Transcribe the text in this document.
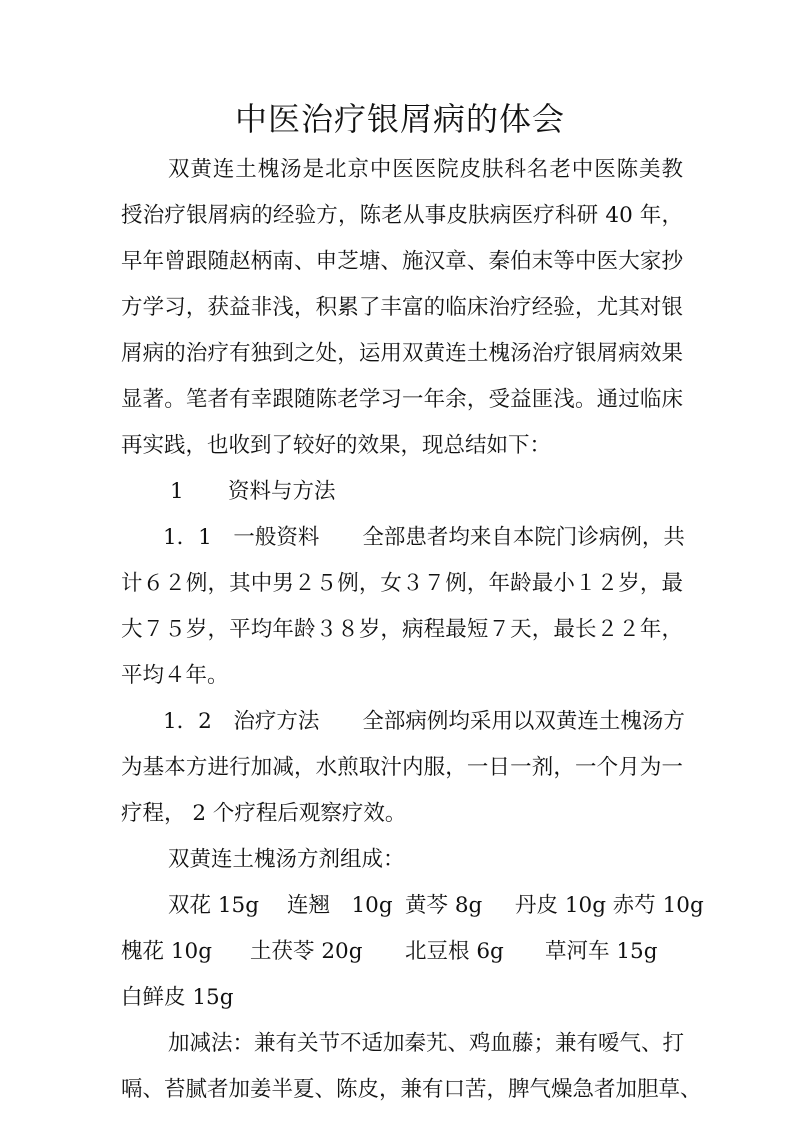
中医治疗银屑病的体会
双黄连土槐汤是北京中医医院皮肤科名老中医陈美教
授治疗银屑病的经验方，陈老从事皮肤病医疗科研 40 年，
早年曾跟随赵柄南、申芝塘、施汉章、秦伯末等中医大家抄
方学习，获益非浅，积累了丰富的临床治疗经验，尤其对银
屑病的治疗有独到之处，运用双黄连土槐汤治疗银屑病效果
显著。笔者有幸跟随陈老学习一年余，受益匪浅。通过临床
再实践，也收到了较好的效果，现总结如下：
1 资料与方法
1．1　一般资料　　全部患者均来自本院门诊病例，共
计６２例，其中男２５例，女３７例，年龄最小１２岁，最
大７５岁，平均年龄３８岁，病程最短７天，最长２２年，
平均４年。
1．2　治疗方法　　全部病例均采用以双黄连土槐汤方
为基本方进行加减，水煎取汁内服，一日一剂，一个月为一
疗程， 2 个疗程后观察疗效。
双黄连土槐汤方剂组成：
双花 15g 连翘　10g 黄芩 8g 丹皮 10g 赤芍 10g
槐花 10g 土茯苓 20g 北豆根 6g 草河车 15g
白鲜皮 15g
加减法：兼有关节不适加秦艽、鸡血藤；兼有嗳气、打
嗝、苔腻者加姜半夏、陈皮，兼有口苦，脾气燥急者加胆草、
